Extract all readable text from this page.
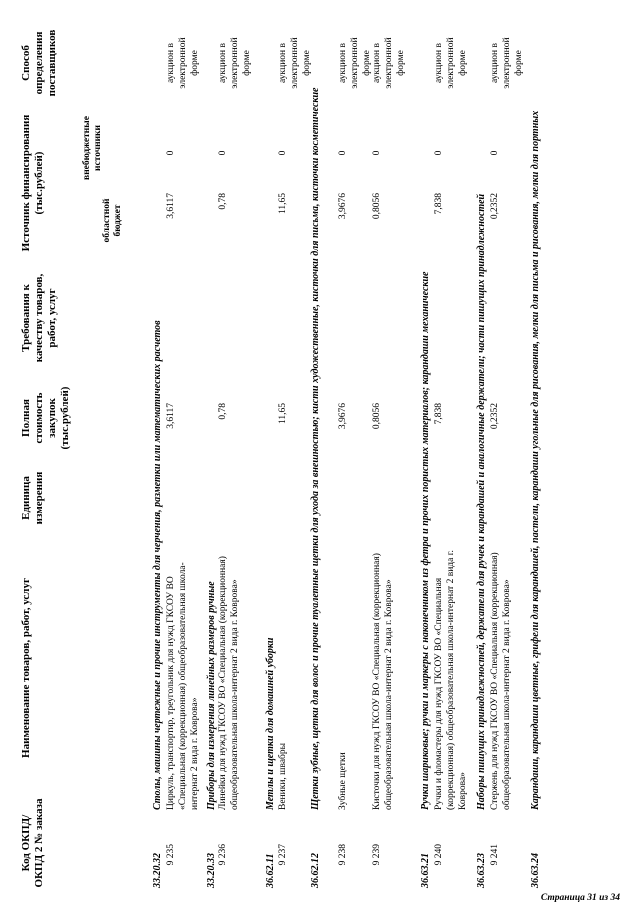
Код ОКПД/ ОКПД 2 № заказа
Наименование товаров, работ, услуг
Единица измерения
Полная стоимость закупок (тыс.рублей)
Требования к качеству товаров, работ, услуг
Источник финансирования (тыс.рублей)
областной бюджет
внебюджетные источники
Способ определения поставщиков
33.20.32
Столы, машины чертежные и прочие инструменты для черчения, разметки или математических расчетов
9 235
Циркуль, транспортир, треугольник для нужд ГКСОУ ВО «Специальная (коррекционная) общеобразовательная школа-интернат 2 вида г. Коврова»
3,6117
3,6117
0
аукцион в электронной форме
33.20.33
Приборы для измерения линейных размеров ручные
9 236
Линейки для нужд ГКСОУ ВО «Специальная (коррекционная) общеобразовательная школа-интернат 2 вида г. Коврова»
0,78
0,78
0
аукцион в электронной форме
36.62.11
Метлы и щетки для домашней уборки
9 237
Веники, швабры
11,65
11,65
0
аукцион в электронной форме
36.62.12
Щетки зубные, щетки для волос и прочие туалетные щетки для ухода за внешностью; кисти художественные, кисточки для письма, кисточки косметические
9 238
Зубные щетки
3,9676
3,9676
0
аукцион в электронной форме
9 239
Кисточки для нужд ГКСОУ ВО «Специальная (коррекционная) общеобразовательная школа-интернат 2 вида г. Коврова»
0,8056
0,8056
0
аукцион в электронной форме
36.63.21
Ручки шариковые; ручки и маркеры с наконечником из фетра и прочих пористых материалов; карандаши механические
9 240
Ручки и фломастеры для нужд ГКСОУ ВО «Специальная (коррекционная) общеобразовательная школа-интернат 2 вида г. Коврова»
7,838
7,838
0
аукцион в электронной форме
36.63.23
Наборы пишущих принадлежностей, держатели для ручек и карандашей и аналогичные держатели; части пишущих принадлежностей
9 241
Стержень для нужд ГКСОУ ВО «Специальная (коррекционная) общеобразовательная школа-интернат 2 вида г. Коврова»
0,2352
0,2352
0
аукцион в электронной форме
36.63.24
Карандаши, карандаши цветные, грифели для карандашей, пастели, карандаши угольные для рисования, мелки для письма и рисования, мелки для портных
Страница 31 из 34
